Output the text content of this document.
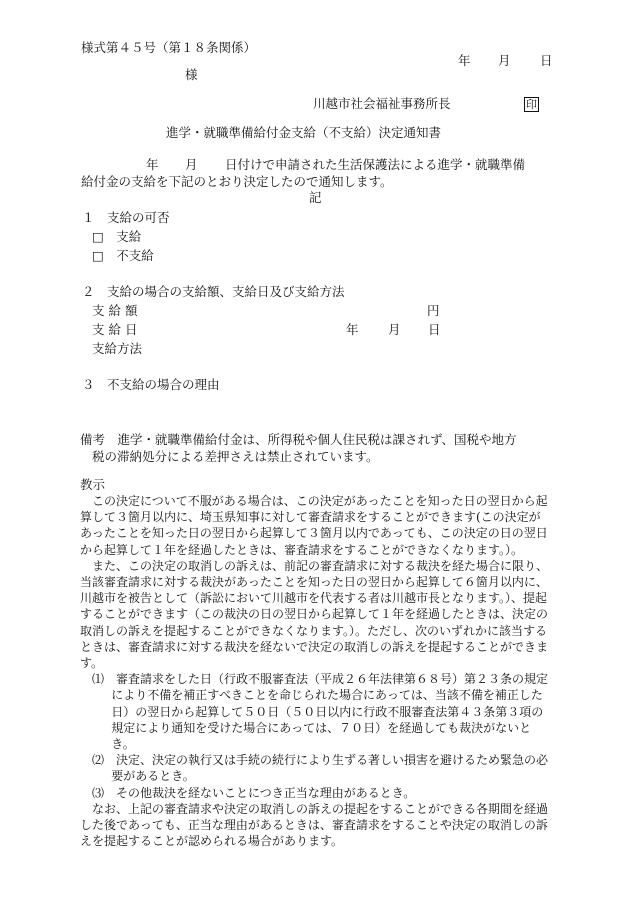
様式第４５号（第１８条関係）
年 月 日
様
川越市社会福祉事務所長	印
進学・就職準備給付金支給（不支給）決定通知書
年 月 日付けで申請された生活保護法による進学・就職準備
給付金の支給を下記のとおり決定したので通知します。
記
１　支給の可否
□　支給
□　不支給
２　支給の場合の支給額、支給日及び支給方法
支 給 額	円
支 給 日	年 月 日
支給方法
３　不支給の場合の理由
備考　進学・就職準備給付金は、所得税や個人住民税は課されず、国税や地方
税の滞納処分による差押さえは禁止されています。
教示
この決定について不服がある場合は、この決定があったことを知った日の翌日から起算して３箇月以内に、埼玉県知事に対して審査請求をすることができます(この決定があったことを知った日の翌日から起算して３箇月以内であっても、この決定の日の翌日から起算して１年を経過したときは、審査請求をすることができなくなります。）。
また、この決定の取消しの訴えは、前記の審査請求に対する裁決を経た場合に限り、当該審査請求に対する裁決があったことを知った日の翌日から起算して６箇月以内に、川越市を被告として（訴訟において川越市を代表する者は川越市長となります。）、提起することができます（この裁決の日の翌日から起算して１年を経過したときは、決定の取消しの訴えを提起することができなくなります。）。ただし、次のいずれかに該当するときは、審査請求に対する裁決を経ないで決定の取消しの訴えを提起することができます。
⑴　審査請求をした日（行政不服審査法（平成２６年法律第６８号）第２３条の規定により不備を補正すべきことを命じられた場合にあっては、当該不備を補正した日）の翌日から起算して５０日（５０日以内に行政不服審査法第４３条第３項の規定により通知を受けた場合にあっては、７０日）を経過しても裁決がないとき。
⑵　決定、決定の執行又は手続の続行により生ずる著しい損害を避けるため緊急の必要があるとき。
⑶　その他裁決を経ないことにつき正当な理由があるとき。
なお、上記の審査請求や決定の取消しの訴えの提起をすることができる各期間を経過した後であっても、正当な理由があるときは、審査請求をすることや決定の取消しの訴えを提起することが認められる場合があります。
